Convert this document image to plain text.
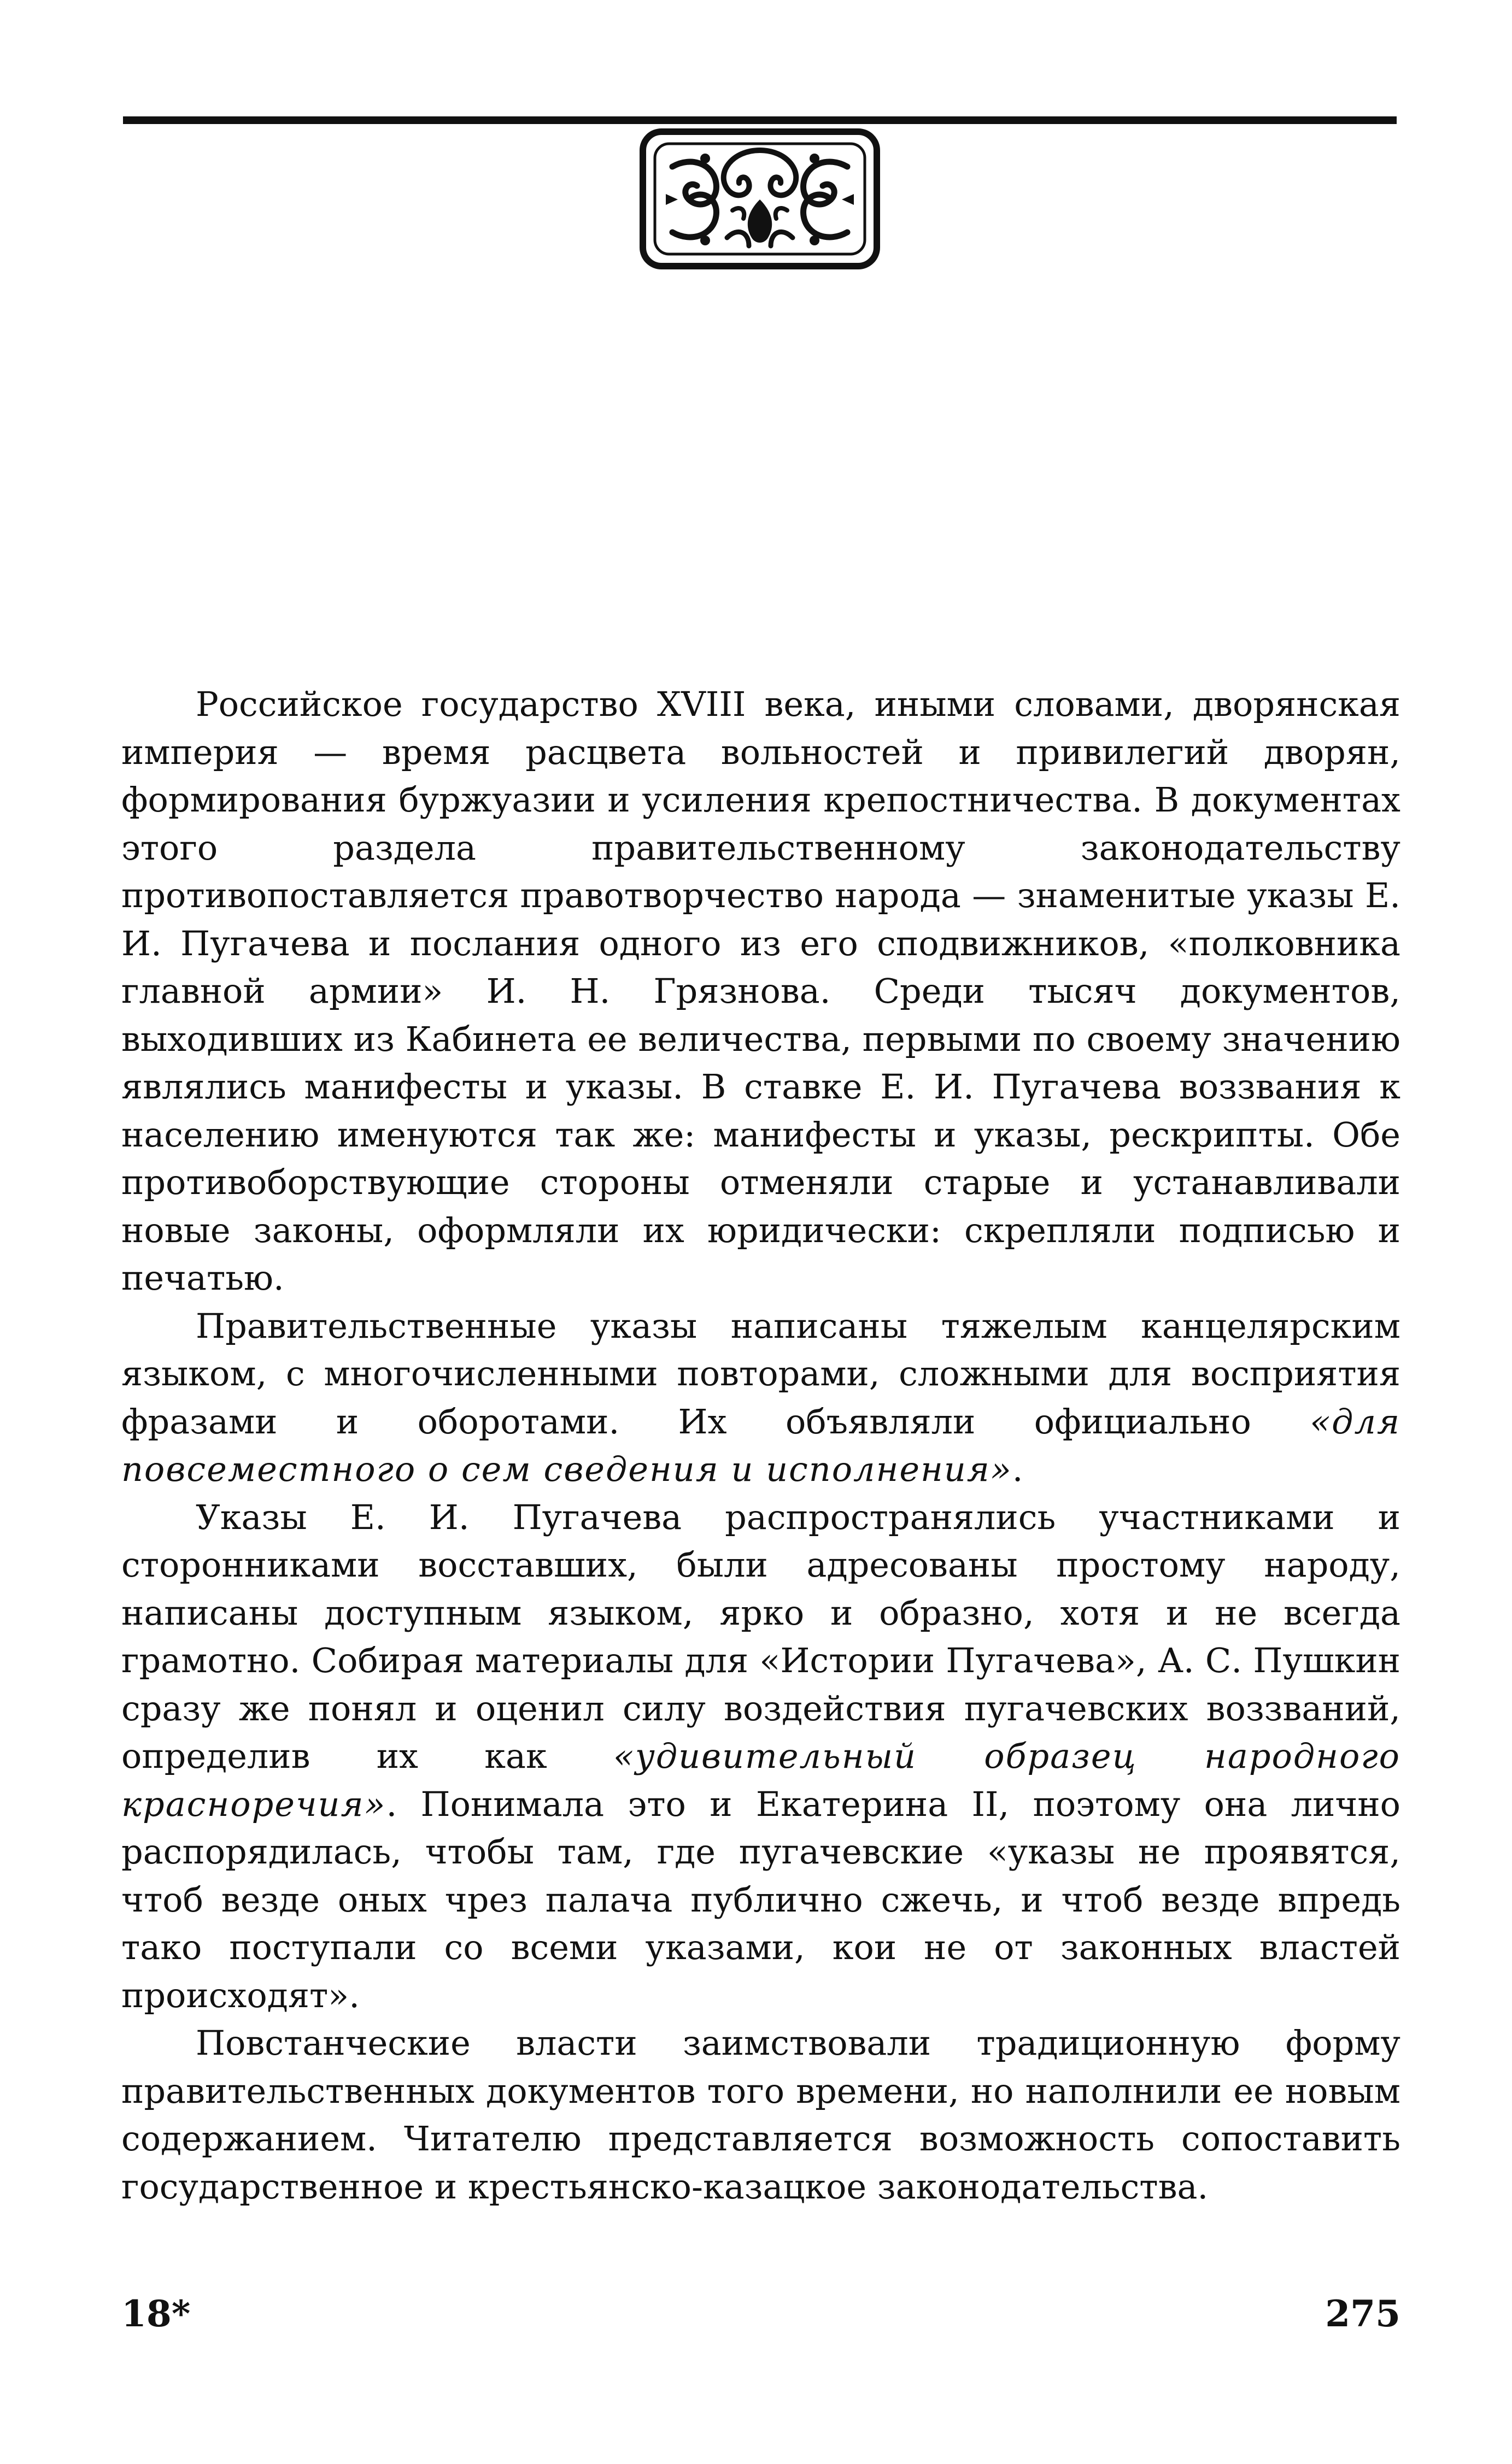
Российское государство XVIII века, иными словами, дворянская империя — время расцвета вольностей и привилегий дворян, формирования буржуазии и усиления крепостничества. В документах этого раздела правительственному законодательству противопоставляется правотворчество народа — знаменитые указы Е. И. Пугачева и послания одного из его сподвижников, «полковника главной армии» И. Н. Грязнова. Среди тысяч документов, выходивших из Кабинета ее величества, первыми по своему значению являлись манифесты и указы. В ставке Е. И. Пугачева воззвания к населению именуются так же: манифесты и указы, рескрипты. Обе противоборствующие стороны отменяли старые и устанавливали новые законы, оформляли их юридически: скрепляли подписью и печатью.

Правительственные указы написаны тяжелым канцелярским языком, с многочисленными повторами, сложными для восприятия фразами и оборотами. Их объявляли официально «для повсеместного о сем сведения и исполнения».

Указы Е. И. Пугачева распространялись участниками и сторонниками восставших, были адресованы простому народу, написаны доступным языком, ярко и образно, хотя и не всегда грамотно. Собирая материалы для «Истории Пугачева», А. С. Пушкин сразу же понял и оценил силу воздействия пугачевских воззваний, определив их как «удивительный образец народного красноречия». Понимала это и Екатерина II, поэтому она лично распорядилась, чтобы там, где пугачевские «указы не проявятся, чтоб везде оных чрез палача публично сжечь, и чтоб везде впредь тако поступали со всеми указами, кои не от законных властей происходят».

Повстанческие власти заимствовали традиционную форму правительственных документов того времени, но наполнили ее новым содержанием. Читателю представляется возможность сопоставить государственное и крестьянско-казацкое законодательства.

18*	275
